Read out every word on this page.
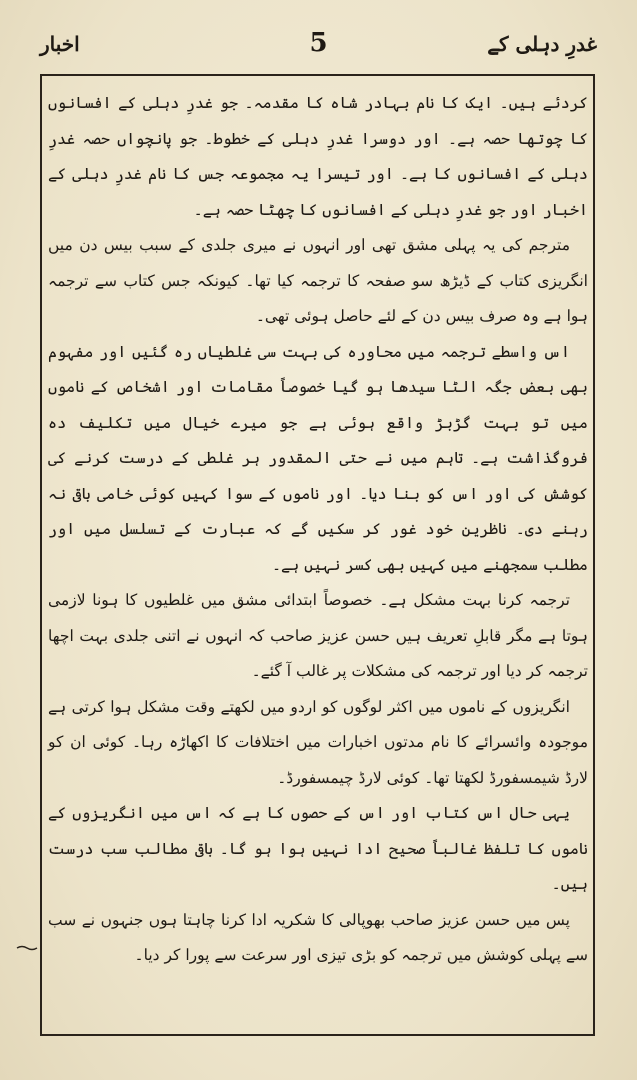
غدرِ دہلی کے
5
اخبار

کردئے ہیں۔ ایک کا نام بہادر شاہ کا مقدمہ۔ جو غدرِ دہلی کے افسانوں کا چوتھا حصہ ہے۔ اور دوسرا غدرِ دہلی کے خطوط۔ جو پانچواں حصہ غدرِ دہلی کے افسانوں کا ہے۔ اور تیسرا یہ مجموعہ جس کا نام غدرِ دہلی کے اخبار اور جو غدرِ دہلی کے افسانوں کا چھٹا حصہ ہے۔

مترجم کی یہ پہلی مشق تھی اور انہوں نے میری جلدی کے سبب بیس دن میں انگریزی کتاب کے ڈیڑھ سو صفحہ کا ترجمہ کیا تھا۔ کیونکہ جس کتاب سے ترجمہ ہوا ہے وہ صرف بیس دن کے لئے حاصل ہوئی تھی۔

اس واسطے ترجمہ میں محاورہ کی بہت سی غلطیاں رہ گئیں اور مفہوم بھی بعض جگہ الٹا سیدھا ہو گیا خصوصاً مقامات اور اشخاص کے ناموں میں تو بہت گڑبڑ واقع ہوئی ہے جو میرے خیال میں تکلیف دہ فروگذاشت ہے۔ تاہم میں نے حتی المقدور ہر غلطی کے درست کرنے کی کوشش کی اور اس کو بنا دیا۔ اور ناموں کے سوا کہیں کوئی خامی باقی نہ رہنے دی۔ ناظرین خود غور کر سکیں گے کہ عبارت کے تسلسل میں اور مطلب سمجھنے میں کہیں بھی کسر نہیں ہے۔

ترجمہ کرنا بہت مشکل ہے۔ خصوصاً ابتدائی مشق میں غلطیوں کا ہونا لازمی ہوتا ہے مگر قابلِ تعریف ہیں حسن عزیز صاحب کہ انہوں نے اتنی جلدی بہت اچھا ترجمہ کر دیا اور ترجمہ کی مشکلات پر غالب آ گئے۔

انگریزوں کے ناموں میں اکثر لوگوں کو اردو میں لکھتے وقت مشکل ہوا کرتی ہے موجودہ وائسرائے کا نام مدتوں اخبارات میں اختلافات کا اکھاڑہ رہا۔ کوئی ان کو لارڈ شیمسفورڈ لکھتا تھا۔ کوئی لارڈ چیمسفورڈ۔

یہی حال اس کتاب اور اس کے حصوں کا ہے کہ اس میں انگریزوں کے ناموں کا تلفظ غالباً صحیح ادا نہیں ہوا ہو گا۔ باقی مطالب سب درست ہیں۔

پس میں حسن عزیز صاحب بھوپالی کا شکریہ ادا کرنا چاہتا ہوں جنہوں نے سب سے پہلی کوشش میں ترجمہ کو بڑی تیزی اور سرعت سے پورا کر دیا۔
